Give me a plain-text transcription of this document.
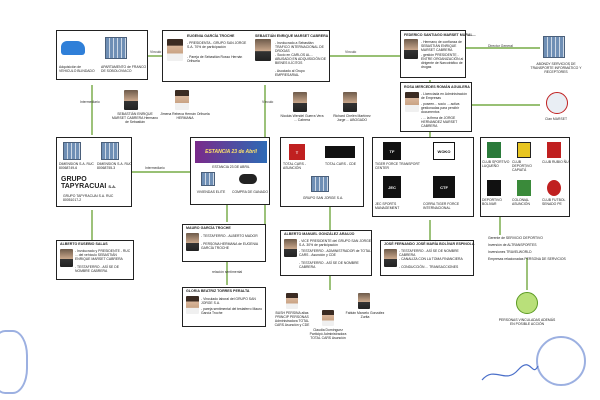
Adquisición de VEHICULO BLINDADO
APARTAMENTO de FRANCO DE SOBOLOVIACO
Vínculo
EUGENIA GARCÍA TROCHE
- PRESIDENTA - GRUPO SAN JORGE S.A. 70% de participación
- Pareja de Sebastián Rosso Hernán Orihuela
SEBASTIÁN ENRIQUE MARSET CABRERA
- Involucrado a Sebastián TRAFICO INTERNACIONAL DE DROGAS
- Socio en CARLOS AL... ABUSADO EN ADQUISICIÓN DE BIENES ILÍCITOS
- Asociado al Grupo EMPRESARIAL
Vínculo
FEDERICO SANTIAGO MARSET MURAL...
- Hermano de confianza de SEBASTIÁN ENRIQUE MARSET CABRERA
- gestión PRESIDENTE - ENTRE ORGANIZACIÓN al dirigente de Narcotráfico de drogas
Director General
ABONDY SERVICIOS DE TRANSPORTE INFORMÁTICO Y RECEPTORES
Intermediario
SEBASTIÁN ENRIQUE MARSET CABRERA Hermano de Sebastián
Jimena Rebeca Hernán Orihuela HERMANA
Vínculo
Nicolás Wendel Guerra Vera ... Cabrera
Richard Chelén Martínez Jorge ... ABOGADO
ROSA MERCEDES ROMÁN AGUILERA
- Licenciada en Administración de Empresas
- poseen... socio ... activa gestionadas para percibir documentos
- ... la firma de JORGE HERNANDEZ MARSET CABRERA
Clan MARSET
DIMENSION S.A. RUC 80068749-6
DIMENSION S.A. RUC 80068755-3
GRUPO TAPYRACUAI S.A.
GRUPO TAPYRACUAI S.A. RUC 80051017-2
Intermediario
ESTANCIA 23 de Abril
ESTANCIA 23 DE ABRIL
VIVIENDAS ELITE	COMPRA DE GANADO
T
TOTAL CARS - ASUNCIÓN
TOTAL CARS - CDE
GRUPO SAN JORGE S.A.
TF	WOKO
TIGER FORCE TRANSPORT CENTER
JEC	CTF
JEC SPORTS MANAGEMENT
CORRA TIGER FORCE INTERNACIONAL
CLUB SPORTIVO LUQUEÑO
CLUB DEPORTIVO CAPIATÁ
CLUB RUBIO ÑU
DEPORTIVO BOLIVAR
COLONIAL ASUNCIÓN
CLUB FUTBOL SENADO PE
ALBERTO EUSEBIO SALAS
- Involucrado y PRESIDENTE - RUC ... del vehículo SEBASTIÁN ENRIQUE MARSET CABRERA
- TESTAFERRO - ASÍ SE DE NOMBRE CABRERA
MAURO GARCÍA TROCHE
- TESTAFERRO - ALBERTO MADOR
- PERSONA HERMANA de EUGENIA GARCÍA TROCHE
relación sentimental
GLORIA BEATRIZ TORRES PERALTA
- Vinculado laboral del GRUPO SAN JORGE S.A.
- pareja sentimental del testaferro Mauro García Troche
ALBERTO MANUEL GONZÁLEZ ARAUJO
- VICE PRESIDENTE del GRUPO SAN JORGE S.A. 30% de participación
- TESTAFERRO - ADMINISTRADOR de TOTAL CARS - Asunción y CDE
- TESTAFERRO - ASÍ SE DE NOMBRE CABRERA
BUSH PERSINA alias PRINCIP PERSONAS Administradora TOTAL CARS Asunción y CDE
Claudia Domínguez Participó Administradora TOTAL CARS Asunción
Fabián Marcelo González Zurita
JOSÉ FERNANDO JOSÉ MARÍA BOLÍVAR ESPINOLA
- TESTAFERRO - ASÍ SE DE NOMBRE CABRERA
- CANALIZA CON LA TOMA FINANCIERA
- CONDUCCIÓN ... TRANSACCIONES
Gerente de SERVICIO DEPORTIVO
Inversión de ALTRANSPORTES
Inversiones TRAVELWORLD
Empresas relacionadas PERSONA DE SERVICIOS
PERSONAS VINCULADAS ADEMÁS EN POSIBLE ACCIÓN
